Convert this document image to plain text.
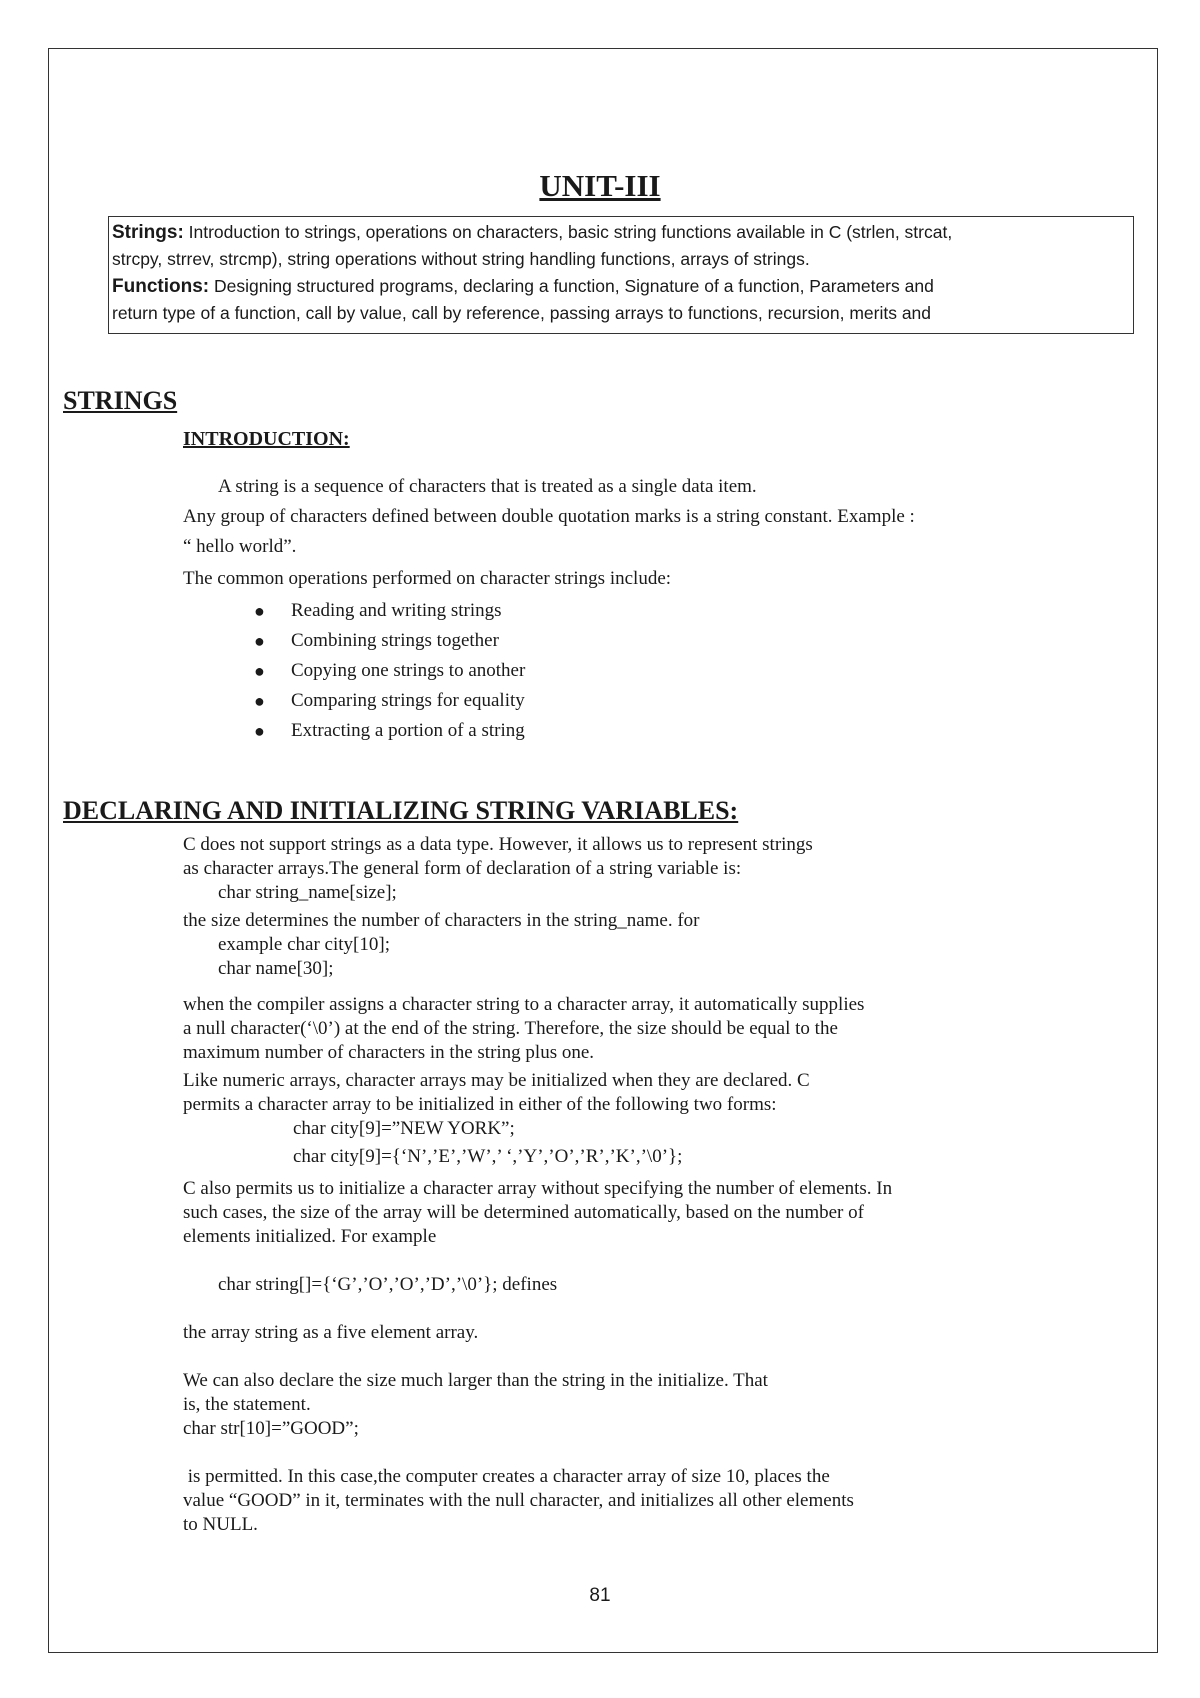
UNIT-III
Strings: Introduction to strings, operations on characters, basic string functions available in C (strlen, strcat,
strcpy, strrev, strcmp), string operations without string handling functions, arrays of strings.
Functions: Designing structured programs, declaring a function, Signature of a function, Parameters and
return type of a function, call by value, call by reference, passing arrays to functions, recursion, merits and
STRINGS
INTRODUCTION:

A string is a sequence of characters that is treated as a single data item.

Any group of characters defined between double quotation marks is a string constant. Example :

“ hello world”.

The common operations performed on character strings include:

● Reading and writing strings
● Combining strings together
● Copying one strings to another
● Comparing strings for equality
● Extracting a portion of a string
DECLARING AND INITIALIZING STRING VARIABLES:

C does not support strings as a data type. However, it allows us to represent strings

as character arrays.The general form of declaration of a string variable is:

char string_name[size];

the size determines the number of characters in the string_name. for

example char city[10];

char name[30];

when the compiler assigns a character string to a character array, it automatically supplies

a null character(‘\0’) at the end of the string. Therefore, the size should be equal to the

maximum number of characters in the string plus one.

Like numeric arrays, character arrays may be initialized when they are declared. C

permits a character array to be initialized in either of the following two forms:

char city[9]=”NEW YORK”;

char city[9]={‘N’,’E’,’W’,’ ‘,’Y’,’O’,’R’,’K’,’\0’};

C also permits us to initialize a character array without specifying the number of elements. In

such cases, the size of the array will be determined automatically, based on the number of

elements initialized. For example

char string[]={‘G’,’O’,’O’,’D’,’\0’}; defines

the array string as a five element array.

We can also declare the size much larger than the string in the initialize. That

is, the statement.

char str[10]=”GOOD”;

is permitted. In this case,the computer creates a character array of size 10, places the

value “GOOD” in it, terminates with the null character, and initializes all other elements

to NULL.

81
